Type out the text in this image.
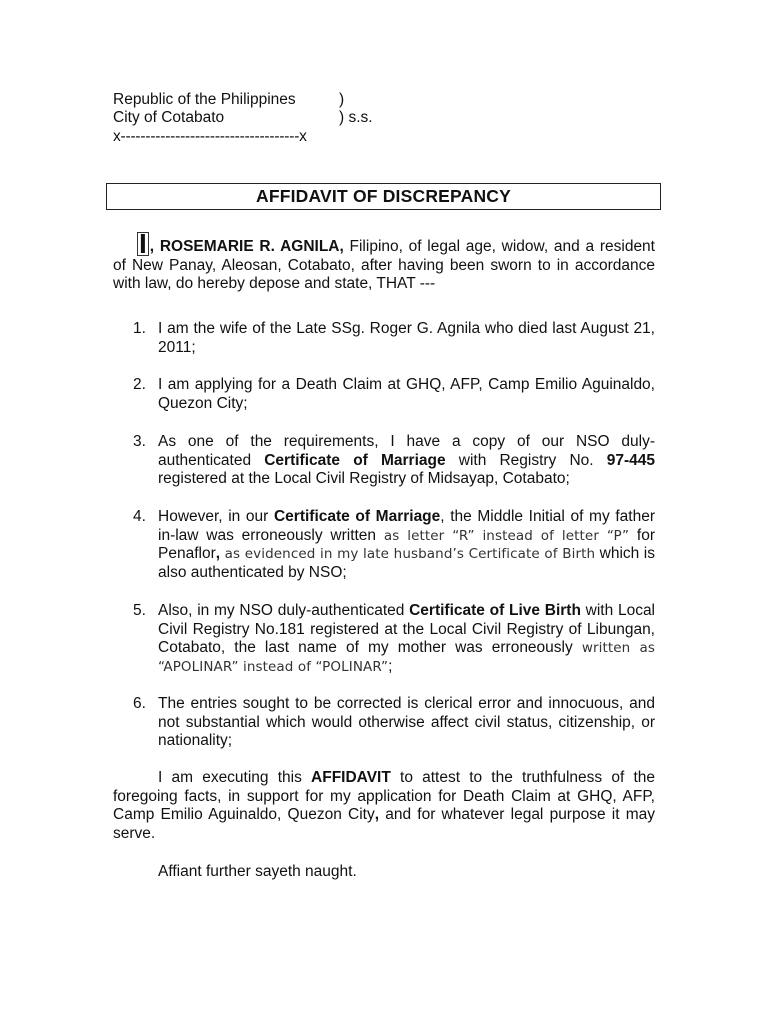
Republic of the Philippines	)
City of Cotabato	) s.s.
x------------------------------------x
AFFIDAVIT OF DISCREPANCY
I , ROSEMARIE R. AGNILA, Filipino, of legal age, widow, and a resident of New Panay, Aleosan, Cotabato, after having been sworn to in accordance with law, do hereby depose and state, THAT ---
1. I am the wife of the Late SSg. Roger G. Agnila who died last August 21, 2011;
2. I am applying for a Death Claim at GHQ, AFP, Camp Emilio Aguinaldo, Quezon City;
3. As one of the requirements, I have a copy of our NSO duly-authenticated Certificate of Marriage with Registry No. 97-445 registered at the Local Civil Registry of Midsayap, Cotabato;
4. However, in our Certificate of Marriage, the Middle Initial of my father in-law was erroneously written as letter “R” instead of letter “P” for Penaflor, as evidenced in my late husband’s Certificate of Birth which is also authenticated by NSO;
5. Also, in my NSO duly-authenticated Certificate of Live Birth with Local Civil Registry No.181 registered at the Local Civil Registry of Libungan, Cotabato, the last name of my mother was erroneously written as “APOLINAR” instead of “POLINAR”;
6. The entries sought to be corrected is clerical error and innocuous, and not substantial which would otherwise affect civil status, citizenship, or nationality;
I am executing this AFFIDAVIT to attest to the truthfulness of the foregoing facts, in support for my application for Death Claim at GHQ, AFP, Camp Emilio Aguinaldo, Quezon City, and for whatever legal purpose it may serve.
Affiant further sayeth naught.
